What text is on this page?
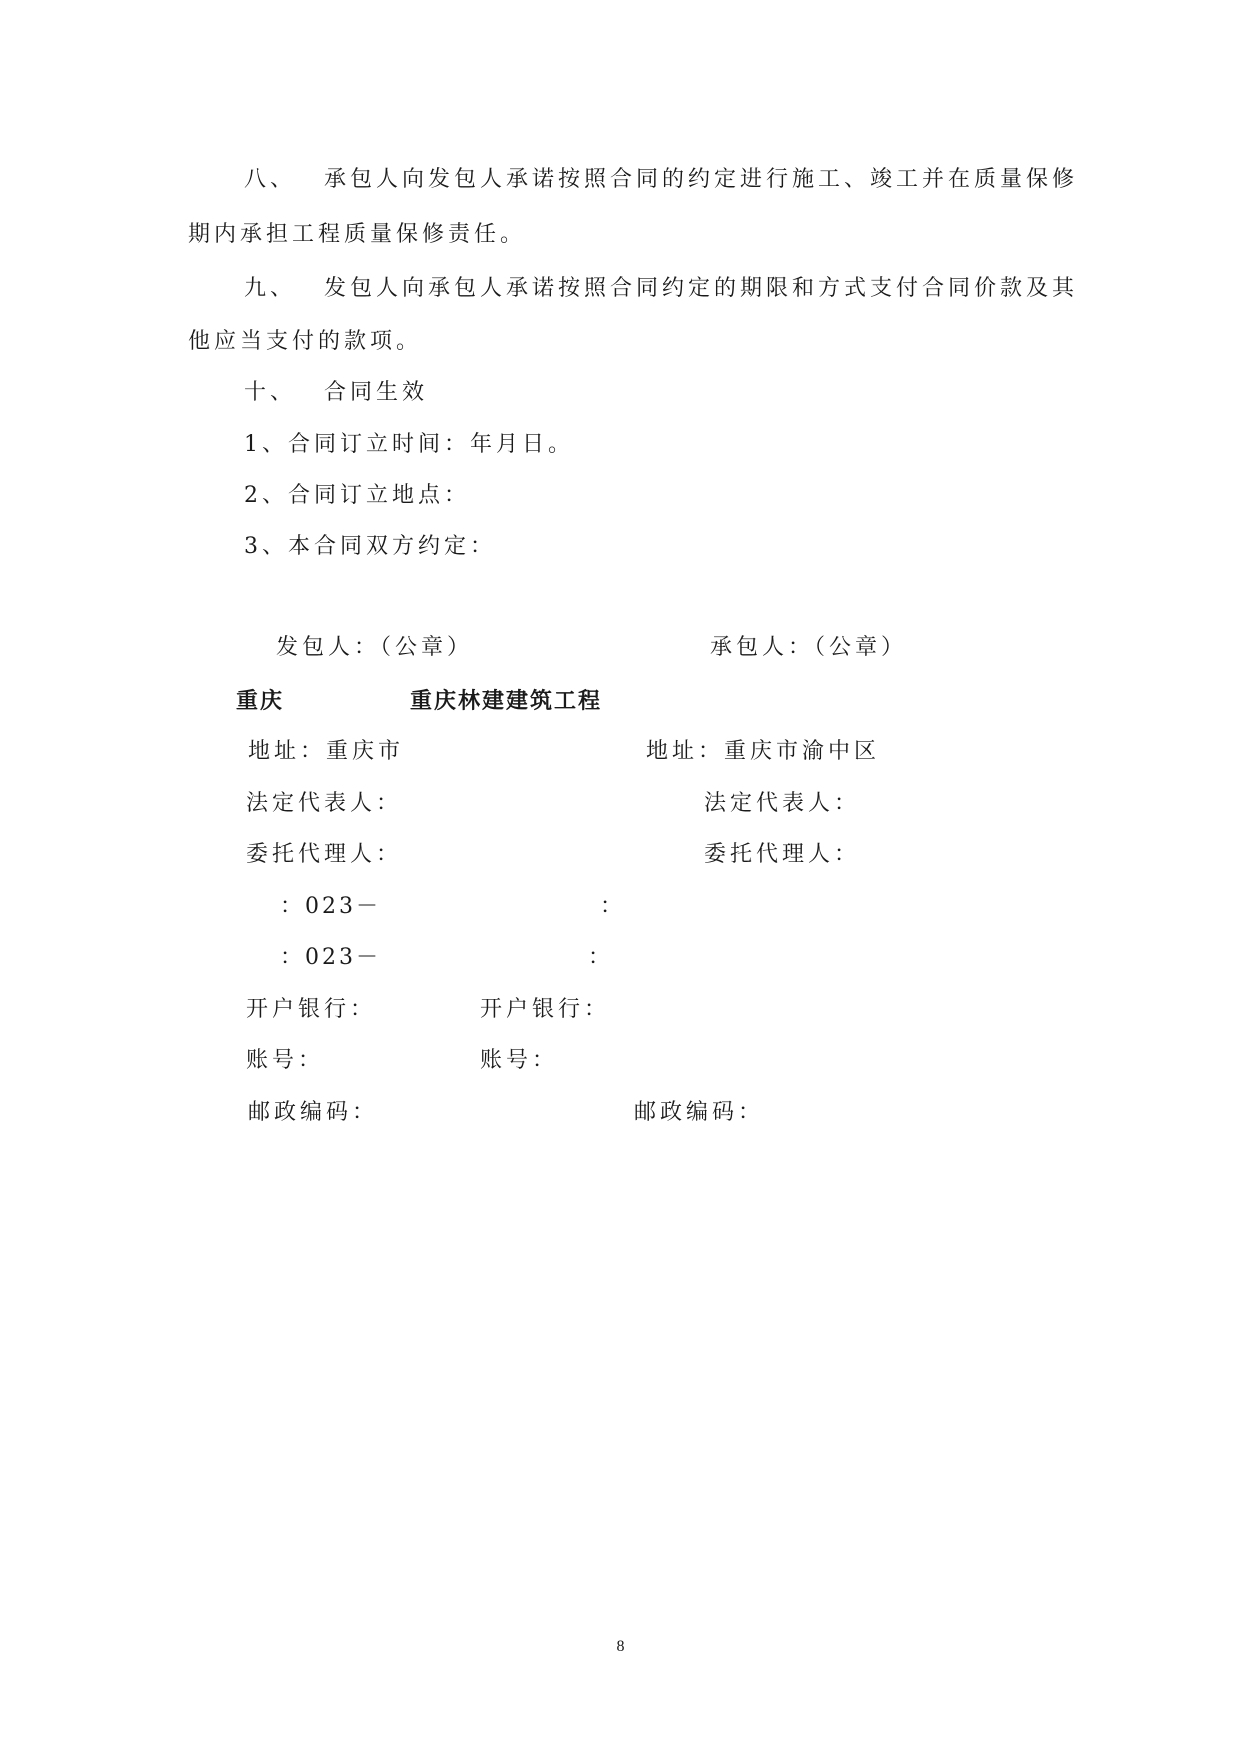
八、 承包人向发包人承诺按照合同的约定进行施工、竣工并在质量保修
期内承担工程质量保修责任。
九、 发包人向承包人承诺按照合同约定的期限和方式支付合同价款及其
他应当支付的款项。
十、 合同生效
1、合同订立时间：年月日。
2、合同订立地点：
3、本合同双方约定：
发包人：（公章）	承包人：（公章）
重庆	重庆林建建筑工程
地址：重庆市	地址：重庆市渝中区
法定代表人：	法定代表人：
委托代理人：	委托代理人：
：023－	：
：023－	：
开户银行：	开户银行：
账号：	账号：
邮政编码：	邮政编码：
8
